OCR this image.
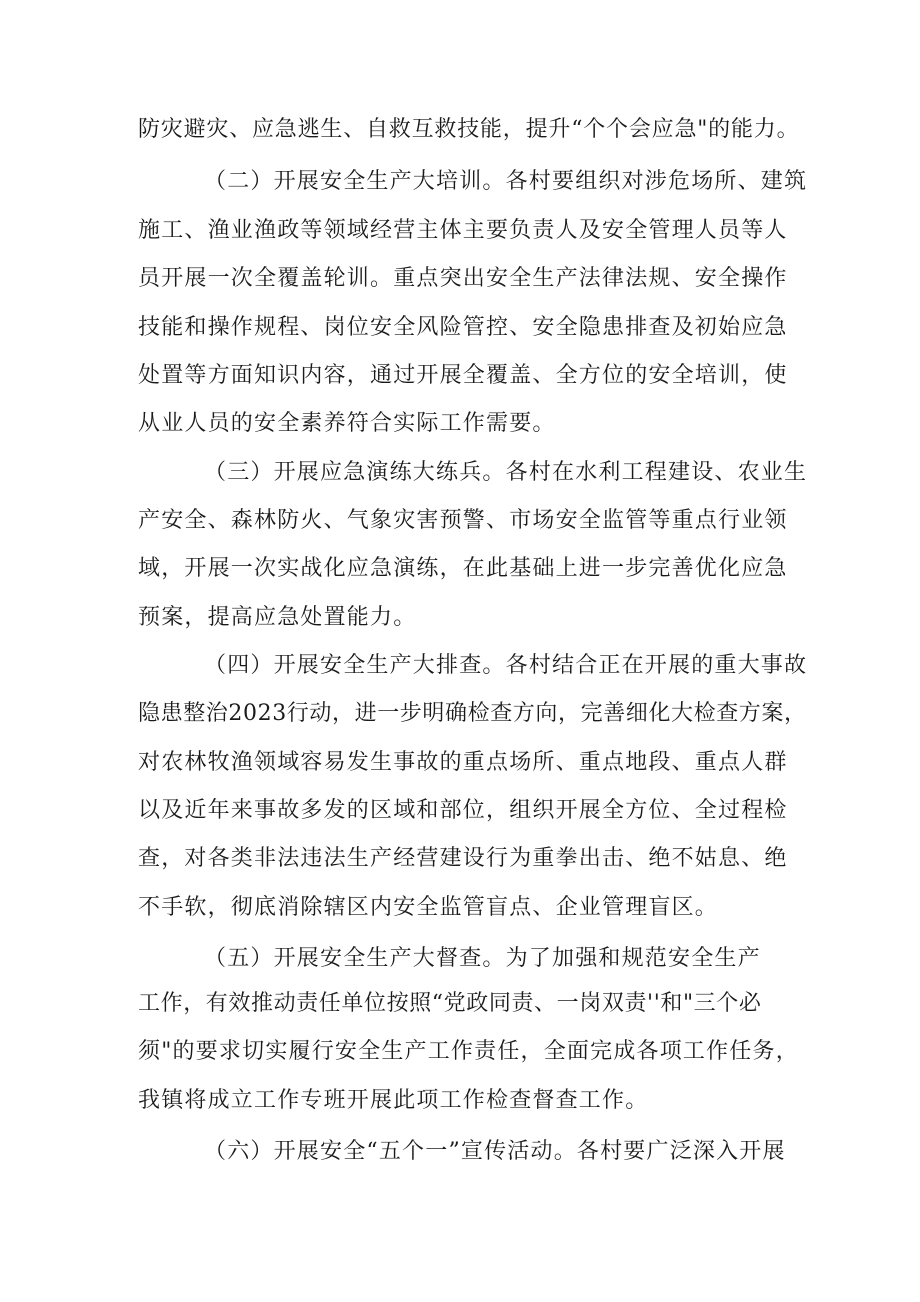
防灾避灾、应急逃生、自救互救技能，提升“个个会应急"的能力。
（二）开展安全生产大培训。各村要组织对涉危场所、建筑
施工、渔业渔政等领域经营主体主要负责人及安全管理人员等人
员开展一次全覆盖轮训。重点突出安全生产法律法规、安全操作
技能和操作规程、岗位安全风险管控、安全隐患排查及初始应急
处置等方面知识内容，通过开展全覆盖、全方位的安全培训，使
从业人员的安全素养符合实际工作需要。
（三）开展应急演练大练兵。各村在水利工程建设、农业生
产安全、森林防火、气象灾害预警、市场安全监管等重点行业领
域，开展一次实战化应急演练，在此基础上进一步完善优化应急
预案，提高应急处置能力。
（四）开展安全生产大排查。各村结合正在开展的重大事故
隐患整治2023行动，进一步明确检查方向，完善细化大检查方案，
对农林牧渔领域容易发生事故的重点场所、重点地段、重点人群
以及近年来事故多发的区域和部位，组织开展全方位、全过程检
查，对各类非法违法生产经营建设行为重拳出击、绝不姑息、绝
不手软，彻底消除辖区内安全监管盲点、企业管理盲区。
（五）开展安全生产大督查。为了加强和规范安全生产
工作，有效推动责任单位按照“党政同责、一岗双责''和"三个必
须"的要求切实履行安全生产工作责任，全面完成各项工作任务，
我镇将成立工作专班开展此项工作检查督查工作。
（六）开展安全“五个一”宣传活动。各村要广泛深入开展
